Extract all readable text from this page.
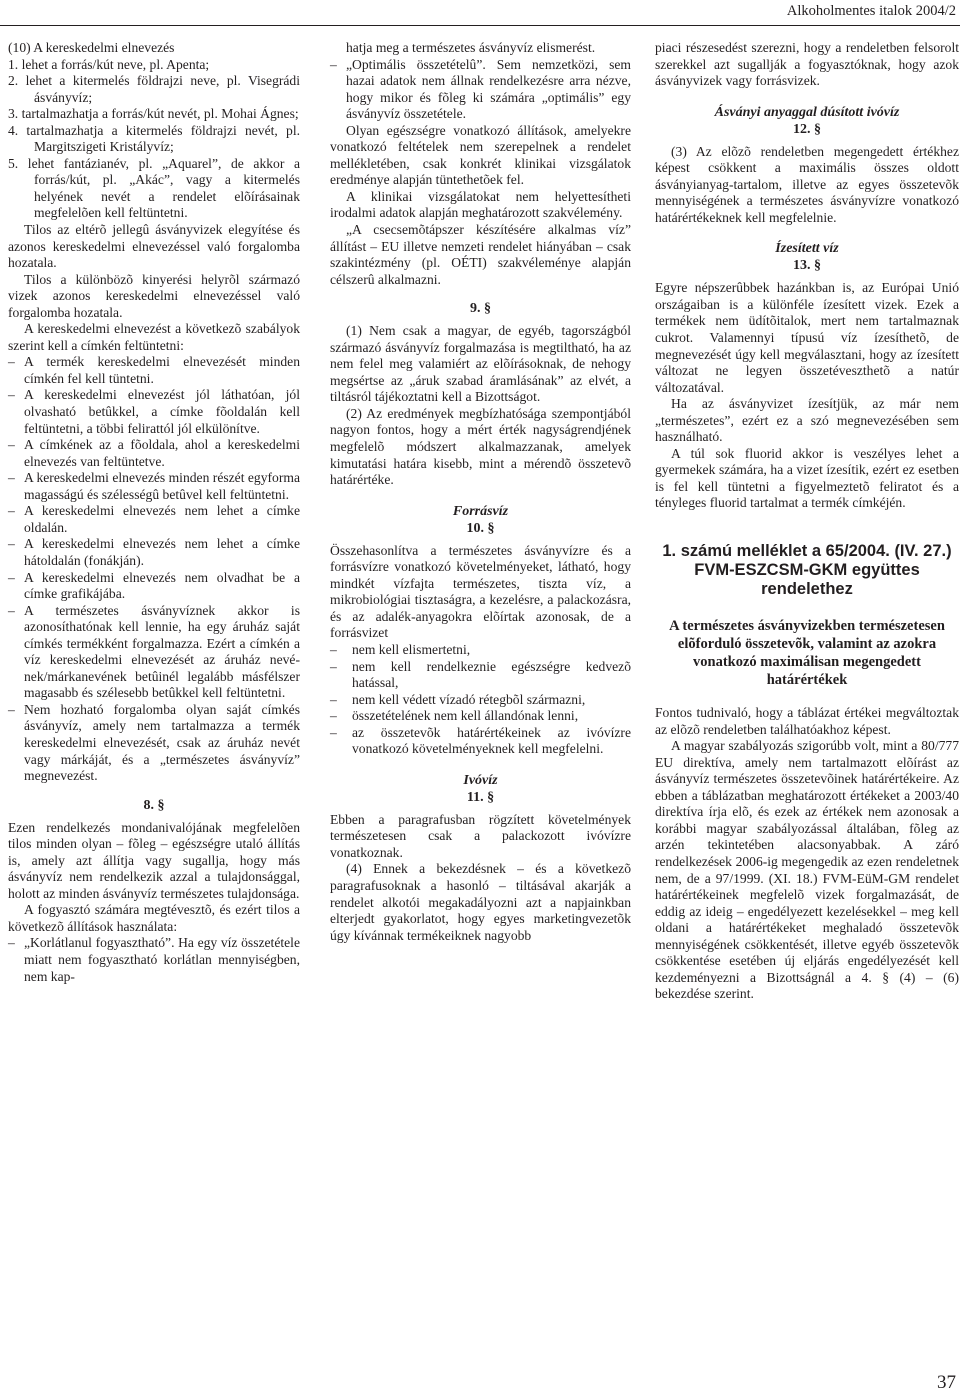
Alkoholmentes italok 2004/2

(10) A kereskedelmi elnevezés

1. lehet a forrás/kút neve, pl. Apenta;

2. lehet a kitermelés földrajzi neve, pl. Visegrádi ásványvíz;

3. tartalmazhatja a forrás/kút nevét, pl. Mohai Ágnes;

4. tartalmazhatja a kitermelés földrajzi nevét, pl. Margitszigeti Kristályvíz;

5. lehet fantázianév, pl. „Aquarel”, de akkor a forrás/kút, pl. „Akác”, vagy a kitermelés helyének nevét a rendelet elõírásainak megfelelõen kell feltüntetni.

Tilos az eltérõ jellegû ásványvizek elegyítése és azonos kereskedelmi elnevezéssel való forgalomba hozatala.

Tilos a különbözõ kinyerési helyrõl származó vizek azonos kereskedelmi elnevezéssel való forgalomba hozatala.

A kereskedelmi elnevezést a következõ szabályok szerint kell a címkén feltüntetni:

– A termék kereskedelmi elnevezését minden címkén fel kell tüntetni.
– A kereskedelmi elnevezést jól láthatóan, jól olvasható betûkkel, a címke fõoldalán kell feltüntetni, a többi felirattól jól elkülönítve.
– A címkének az a fõoldala, ahol a kereskedelmi elnevezés van feltüntetve.
– A kereskedelmi elnevezés minden részét egyforma magasságú és szélességû betûvel kell feltüntetni.
– A kereskedelmi elnevezés nem lehet a címke oldalán.
– A kereskedelmi elnevezés nem lehet a címke hátoldalán (fonákján).
– A kereskedelmi elnevezés nem olvadhat be a címke grafikájába.
– A természetes ásványvíznek akkor is azonosíthatónak kell lennie, ha egy áruház saját címkés termékként forgalmazza. Ezért a címkén a víz kereskedelmi elnevezését az áruház nevé-nek/márkanevének betûinél legalább másfélszer magasabb és szélesebb betûkkel kell feltüntetni.
– Nem hozható forgalomba olyan saját címkés ásványvíz, amely nem tartalmazza a termék kereskedelmi elnevezését, csak az áruház nevét vagy márkáját, és a „természetes ásványvíz” megnevezést.

8. §

Ezen rendelkezés mondanivalójának megfelelõen tilos minden olyan – fõleg – egészségre utaló állítás is, amely azt állítja vagy sugallja, hogy más ásványvíz nem rendelkezik azzal a tulajdonsággal, holott az minden ásványvíz természetes tulajdonsága.

A fogyasztó számára megtévesztõ, és ezért tilos a következõ állítások használata:

– „Korlátlanul fogyasztható”. Ha egy víz összetétele miatt nem fogyasztható korlátlan mennyiségben, nem kap-

hatja meg a természetes ásványvíz elismerést.

– „Optimális összetételû”. Sem nemzetközi, sem hazai adatok nem állnak rendelkezésre arra nézve, hogy mikor és fõleg ki számára „optimális” egy ásványvíz összetétele.

Olyan egészségre vonatkozó állítások, amelyekre vonatkozó feltételek nem szerepelnek a rendelet mellékletében, csak konkrét klinikai vizsgálatok eredménye alapján tüntethetõek fel.

A klinikai vizsgálatokat nem helyettesítheti irodalmi adatok alapján meghatározott szakvélemény.

„A csecsemõtápszer készítésére alkalmas víz” állítást – EU illetve nemzeti rendelet hiányában – csak szakintézmény (pl. OÉTI) szakvéleménye alapján célszerû alkalmazni.

9. §

(1) Nem csak a magyar, de egyéb, tagországból származó ásványvíz forgalmazása is megtiltható, ha az nem felel meg valamiért az elõírásoknak, de nehogy megsértse az „áruk szabad áramlásának” az elvét, a tiltásról tájékoztatni kell a Bizottságot.

(2) Az eredmények megbízhatósága szempontjából nagyon fontos, hogy a mért érték nagyságrendjének megfelelõ módszert alkalmazzanak, amelyek kimutatási határa kisebb, mint a mérendõ összetevõ határértéke.

Forrásvíz

10. §

Összehasonlítva a természetes ásványvízre és a forrásvízre vonatkozó követelményeket, látható, hogy mindkét vízfajta természetes, tiszta víz, a mikrobiológiai tisztaságra, a kezelésre, a palackozásra, és az adalék-anyagokra elõírtak azonosak, de a forrásvizet

–	nem kell elismertetni,
–	nem kell rendelkeznie egészségre kedvezõ hatással,
–	nem kell védett vízadó rétegbõl származni,
–	összetételének nem kell állandónak lenni,
–	az összetevõk határértékeinek az ivóvízre vonatkozó követelményeknek kell megfelelni.

Ivóvíz

11. §

Ebben a paragrafusban rögzített követelmények természetesen csak a palackozott ivóvízre vonatkoznak.

(4) Ennek a bekezdésnek – és a következõ paragrafusoknak a hasonló – tiltásával akarják a rendelet alkotói megakadályozni azt a napjainkban elterjedt gyakorlatot, hogy egyes marketingvezetõk úgy kívánnak termékeiknek nagyobb

piaci részesedést szerezni, hogy a rendeletben felsorolt szerekkel azt sugallják a fogyasztóknak, hogy azok ásványvizek vagy forrásvizek.

Ásványi anyaggal dúsított ivóvíz

12. §

(3) Az elõzõ rendeletben megengedett értékhez képest csökkent a maximális összes oldott ásványianyag-tartalom, illetve az egyes összetevõk mennyiségének a természetes ásványvízre vonatkozó határértékeknek kell megfelelnie.

Ízesített víz

13. §

Egyre népszerûbbek hazánkban is, az Európai Unió országaiban is a különféle ízesített vizek. Ezek a termékek nem üdítõitalok, mert nem tartalmaznak cukrot. Valamennyi típusú víz ízesíthetõ, de megnevezését úgy kell megválasztani, hogy az ízesített változat ne legyen összetéveszthetõ a natúr változatával.

Ha az ásványvizet ízesítjük, az már nem „természetes”, ezért ez a szó megnevezésében sem használható.

A túl sok fluorid akkor is veszélyes lehet a gyermekek számára, ha a vizet ízesítik, ezért ez esetben is fel kell tüntetni a figyelmeztetõ feliratot és a tényleges fluorid tartalmat a termék címkéjén.

1. számú melléklet a 65/2004. (IV. 27.) FVM-ESZCSM-GKM együttes rendelethez

A természetes ásványvizekben természetesen elõforduló összetevõk, valamint az azokra vonatkozó maximálisan megengedett határértékek

Fontos tudnivaló, hogy a táblázat értékei megváltoztak az elõzõ rendeletben találhatóakhoz képest.

A magyar szabályozás szigorúbb volt, mint a 80/777 EU direktíva, amely nem tartalmazott elõírást az ásványvíz természetes összetevõinek határértékeire. Az ebben a táblázatban meghatározott értékeket a 2003/40 direktíva írja elõ, és ezek az értékek nem azonosak a korábbi magyar szabályozással általában, fõleg az arzén tekintetében alacsonyabbak. A záró rendelkezések 2006-ig megengedik az ezen rendeletnek nem, de a 97/1999. (XI. 18.) FVM-EüM-GM rendelet határértékeinek megfelelõ vizek forgalmazását, de eddig az ideig – engedélyezett kezelésekkel – meg kell oldani a határértékeket meghaladó összetevõk mennyiségének csökkentését, illetve egyéb összetevõk csökkentése esetében új eljárás engedélyezését kell kezdeményezni a Bizottságnál a 4. § (4) – (6) bekezdése szerint.

37
